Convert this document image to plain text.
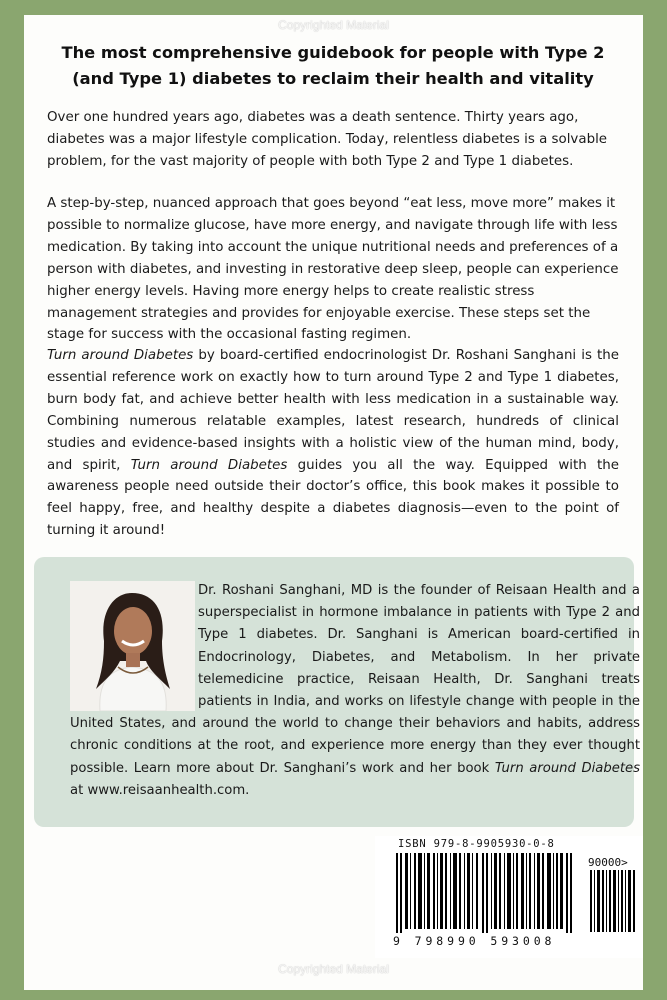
Copyrighted Material
The most comprehensive guidebook for people with Type 2 (and Type 1) diabetes to reclaim their health and vitality

Over one hundred years ago, diabetes was a death sentence. Thirty years ago, diabetes was a major lifestyle complication. Today, relentless diabetes is a solvable problem, for the vast majority of people with both Type 2 and Type 1 diabetes.

A step-by-step, nuanced approach that goes beyond “eat less, move more” makes it possible to normalize glucose, have more energy, and navigate through life with less medication. By taking into account the unique nutritional needs and preferences of a person with diabetes, and investing in restorative deep sleep, people can experience higher energy levels. Having more energy helps to create realistic stress management strategies and provides for enjoyable exercise. These steps set the stage for success with the occasional fasting regimen.

Turn around Diabetes by board-certified endocrinologist Dr. Roshani Sanghani is the essential reference work on exactly how to turn around Type 2 and Type 1 diabetes, burn body fat, and achieve better health with less medication in a sustainable way. Combining numerous relatable examples, latest research, hundreds of clinical studies and evidence-based insights with a holistic view of the human mind, body, and spirit, Turn around Diabetes guides you all the way. Equipped with the awareness people need outside their doctor’s office, this book makes it possible to feel happy, free, and healthy despite a diabetes diagnosis—even to the point of turning it around!

Dr. Roshani Sanghani, MD is the founder of Reisaan Health and a superspecialist in hormone imbalance in patients with Type 2 and Type 1 diabetes. Dr. Sanghani is American board-certified in Endocrinology, Diabetes, and Metabolism. In her private telemedicine practice, Reisaan Health, Dr. Sanghani treats patients in India, and works on lifestyle change with people in the United States, and around the world to change their behaviors and habits, address chronic conditions at the root, and experience more energy than they ever thought possible. Learn more about Dr. Sanghani’s work and her book Turn around Diabetes at www.reisaanhealth.com.

ISBN 979-8-9905930-0-8
90000>
9 798990 593008
Copyrighted Material
